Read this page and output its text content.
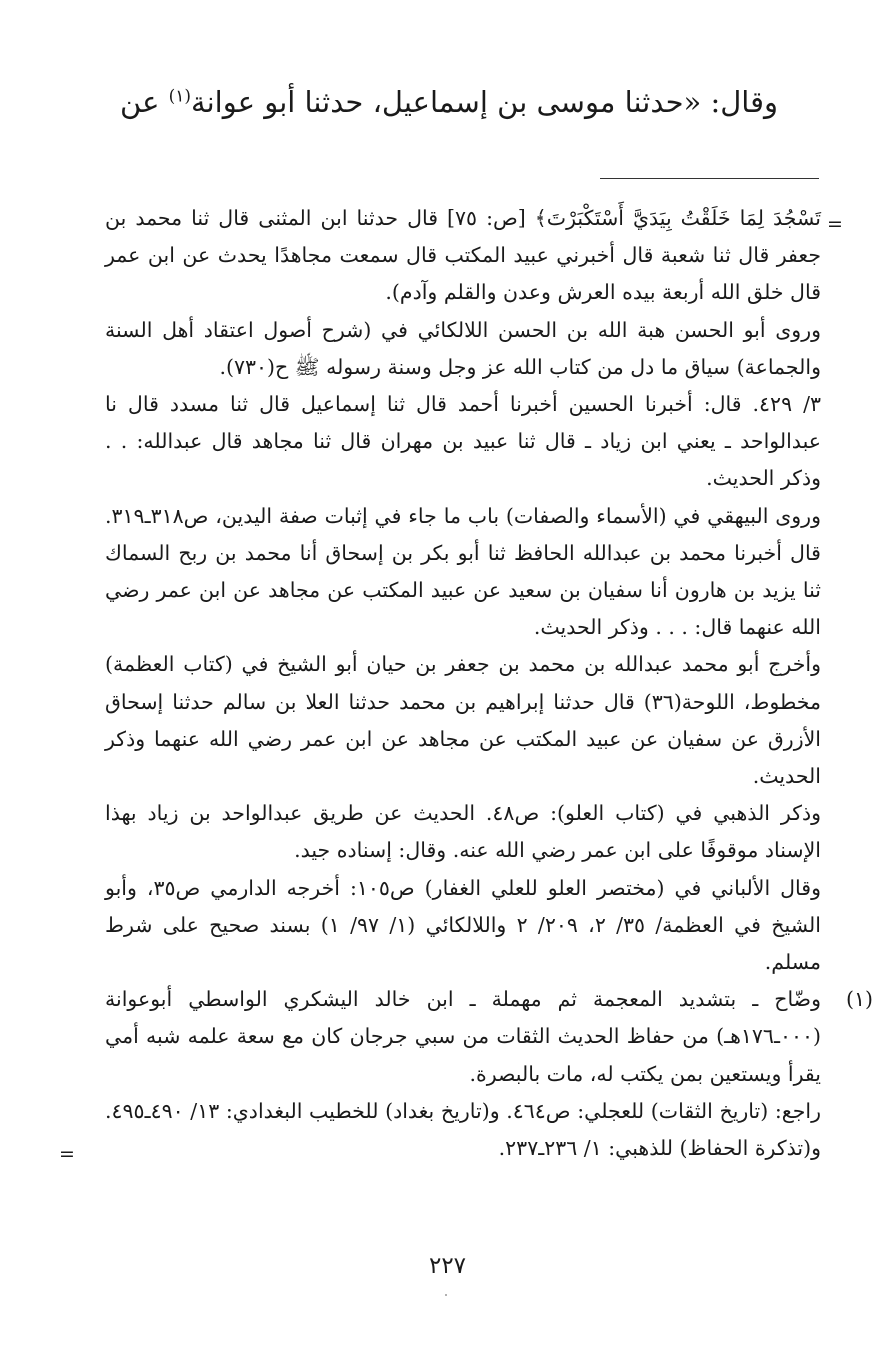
وقال: «حدثنا موسى بن إسماعيل، حدثنا أبو عوانة$^{(١)}$ عن
=

تَسْجُدَ لِمَا خَلَقْتُ بِيَدَيَّ أَسْتَكْبَرْتَ﴾ [ص: ٧٥] قال حدثنا ابن المثنى قال ثنا محمد بن جعفر قال ثنا شعبة قال أخبرني عبيد المكتب قال سمعت مجاهدًا يحدث عن ابن عمر قال خلق الله أربعة بيده العرش وعدن والقلم وآدم).

وروى أبو الحسن هبة الله بن الحسن اللالكائي في (شرح أصول اعتقاد أهل السنة والجماعة) سياق ما دل من كتاب الله عز وجل وسنة رسوله ﷺ ح(٧٣٠).

٣/ ٤٢٩. قال: أخبرنا الحسين أخبرنا أحمد قال ثنا إسماعيل قال ثنا مسدد قال نا عبدالواحد ـ يعني ابن زياد ـ قال ثنا عبيد بن مهران قال ثنا مجاهد قال عبدالله: . . وذكر الحديث.

وروى البيهقي في (الأسماء والصفات) باب ما جاء في إثبات صفة اليدين، ص٣١٨ـ٣١٩. قال أخبرنا محمد بن عبدالله الحافظ ثنا أبو بكر بن إسحاق أنا محمد بن ربح السماك ثنا يزيد بن هارون أنا سفيان بن سعيد عن عبيد المكتب عن مجاهد عن ابن عمر رضي الله عنهما قال: . . . وذكر الحديث.

وأخرج أبو محمد عبدالله بن محمد بن جعفر بن حيان أبو الشيخ في (كتاب العظمة) مخطوط، اللوحة(٣٦) قال حدثنا إبراهيم بن محمد حدثنا العلا بن سالم حدثنا إسحاق الأزرق عن سفيان عن عبيد المكتب عن مجاهد عن ابن عمر رضي الله عنهما وذكر الحديث.

وذكر الذهبي في (كتاب العلو): ص٤٨. الحديث عن طريق عبدالواحد بن زياد بهذا الإسناد موقوفًا على ابن عمر رضي الله عنه. وقال: إسناده جيد.

وقال الألباني في (مختصر العلو للعلي الغفار) ص١٠٥: أخرجه الدارمي ص٣٥، وأبو الشيخ في العظمة/ ٣٥/ ٢، ٢٠٩/ ٢ واللالكائي (١/ ٩٧/ ١) بسند صحيح على شرط مسلم.

(١)

وضّاح ـ بتشديد المعجمة ثم مهملة ـ ابن خالد اليشكري الواسطي أبوعوانة (٠٠٠ـ١٧٦هـ) من حفاظ الحديث الثقات من سبي جرجان كان مع سعة علمه شبه أمي يقرأ ويستعين بمن يكتب له، مات بالبصرة.

راجع: (تاريخ الثقات) للعجلي: ص٤٦٤. و(تاريخ بغداد) للخطيب البغدادي: ١٣/ ٤٩٠ـ٤٩٥. و(تذكرة الحفاظ) للذهبي: ١/ ٢٣٦ـ٢٣٧.

=
٢٢٧
